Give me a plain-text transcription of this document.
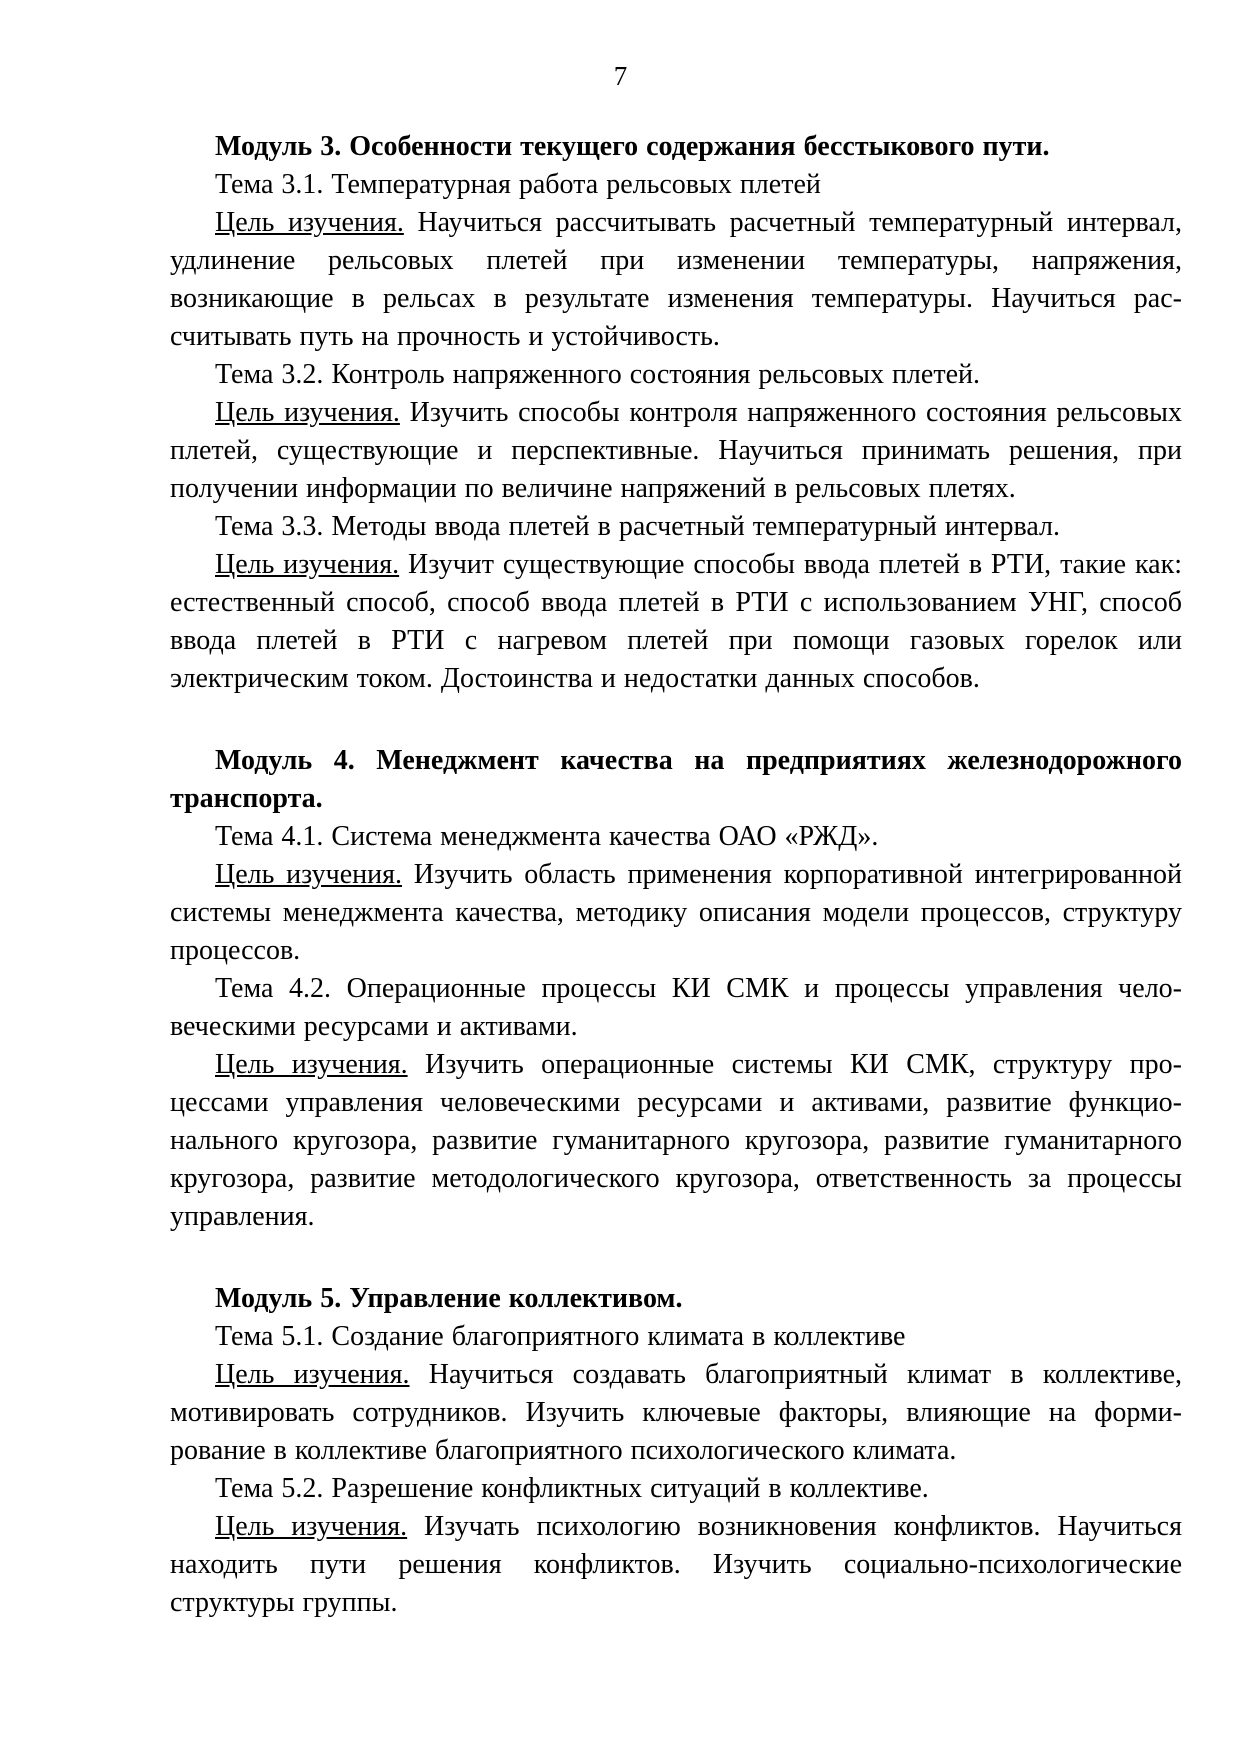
7

Модуль 3. Особенности текущего содержания бесстыкового пути.

Тема 3.1. Температурная работа рельсовых плетей

Цель изучения. Научиться рассчитывать расчетный температурный интервал, удлинение рельсовых плетей при изменении температуры, напряжения, возникающие в рельсах в результате изменения температуры. Научиться рассчитывать путь на прочность и устойчивость.

Тема 3.2. Контроль напряженного состояния рельсовых плетей.

Цель изучения. Изучить способы контроля напряженного состояния рельсовых плетей, существующие и перспективные. Научиться принимать решения, при получении информации по величине напряжений в рельсовых плетях.

Тема 3.3. Методы ввода плетей в расчетный температурный интервал.

Цель изучения. Изучит существующие способы ввода плетей в РТИ, такие как: естественный способ, способ ввода плетей в РТИ с использованием УНГ, способ ввода плетей в РТИ с нагревом плетей при помощи газовых горелок или электрическим током. Достоинства и недостатки данных способов.

Модуль 4. Менеджмент качества на предприятиях железнодорожного транспорта.

Тема 4.1. Система менеджмента качества ОАО «РЖД».

Цель изучения. Изучить область применения корпоративной интегрированной системы менеджмента качества, методику описания модели процессов, структуру процессов.

Тема 4.2. Операционные процессы КИ СМК и процессы управления человеческими ресурсами и активами.

Цель изучения. Изучить операционные системы КИ СМК, структуру процессами управления человеческими ресурсами и активами, развитие функционального кругозора, развитие гуманитарного кругозора, развитие гуманитарного кругозора, развитие методологического кругозора, ответственность за процессы управления.

Модуль 5. Управление коллективом.

Тема 5.1. Создание благоприятного климата в коллективе

Цель изучения. Научиться создавать благоприятный климат в коллективе, мотивировать сотрудников. Изучить ключевые факторы, влияющие на формирование в коллективе благоприятного психологического климата.

Тема 5.2. Разрешение конфликтных ситуаций в коллективе.

Цель изучения. Изучать психологию возникновения конфликтов. Научиться находить пути решения конфликтов. Изучить социально-психологические структуры группы.
